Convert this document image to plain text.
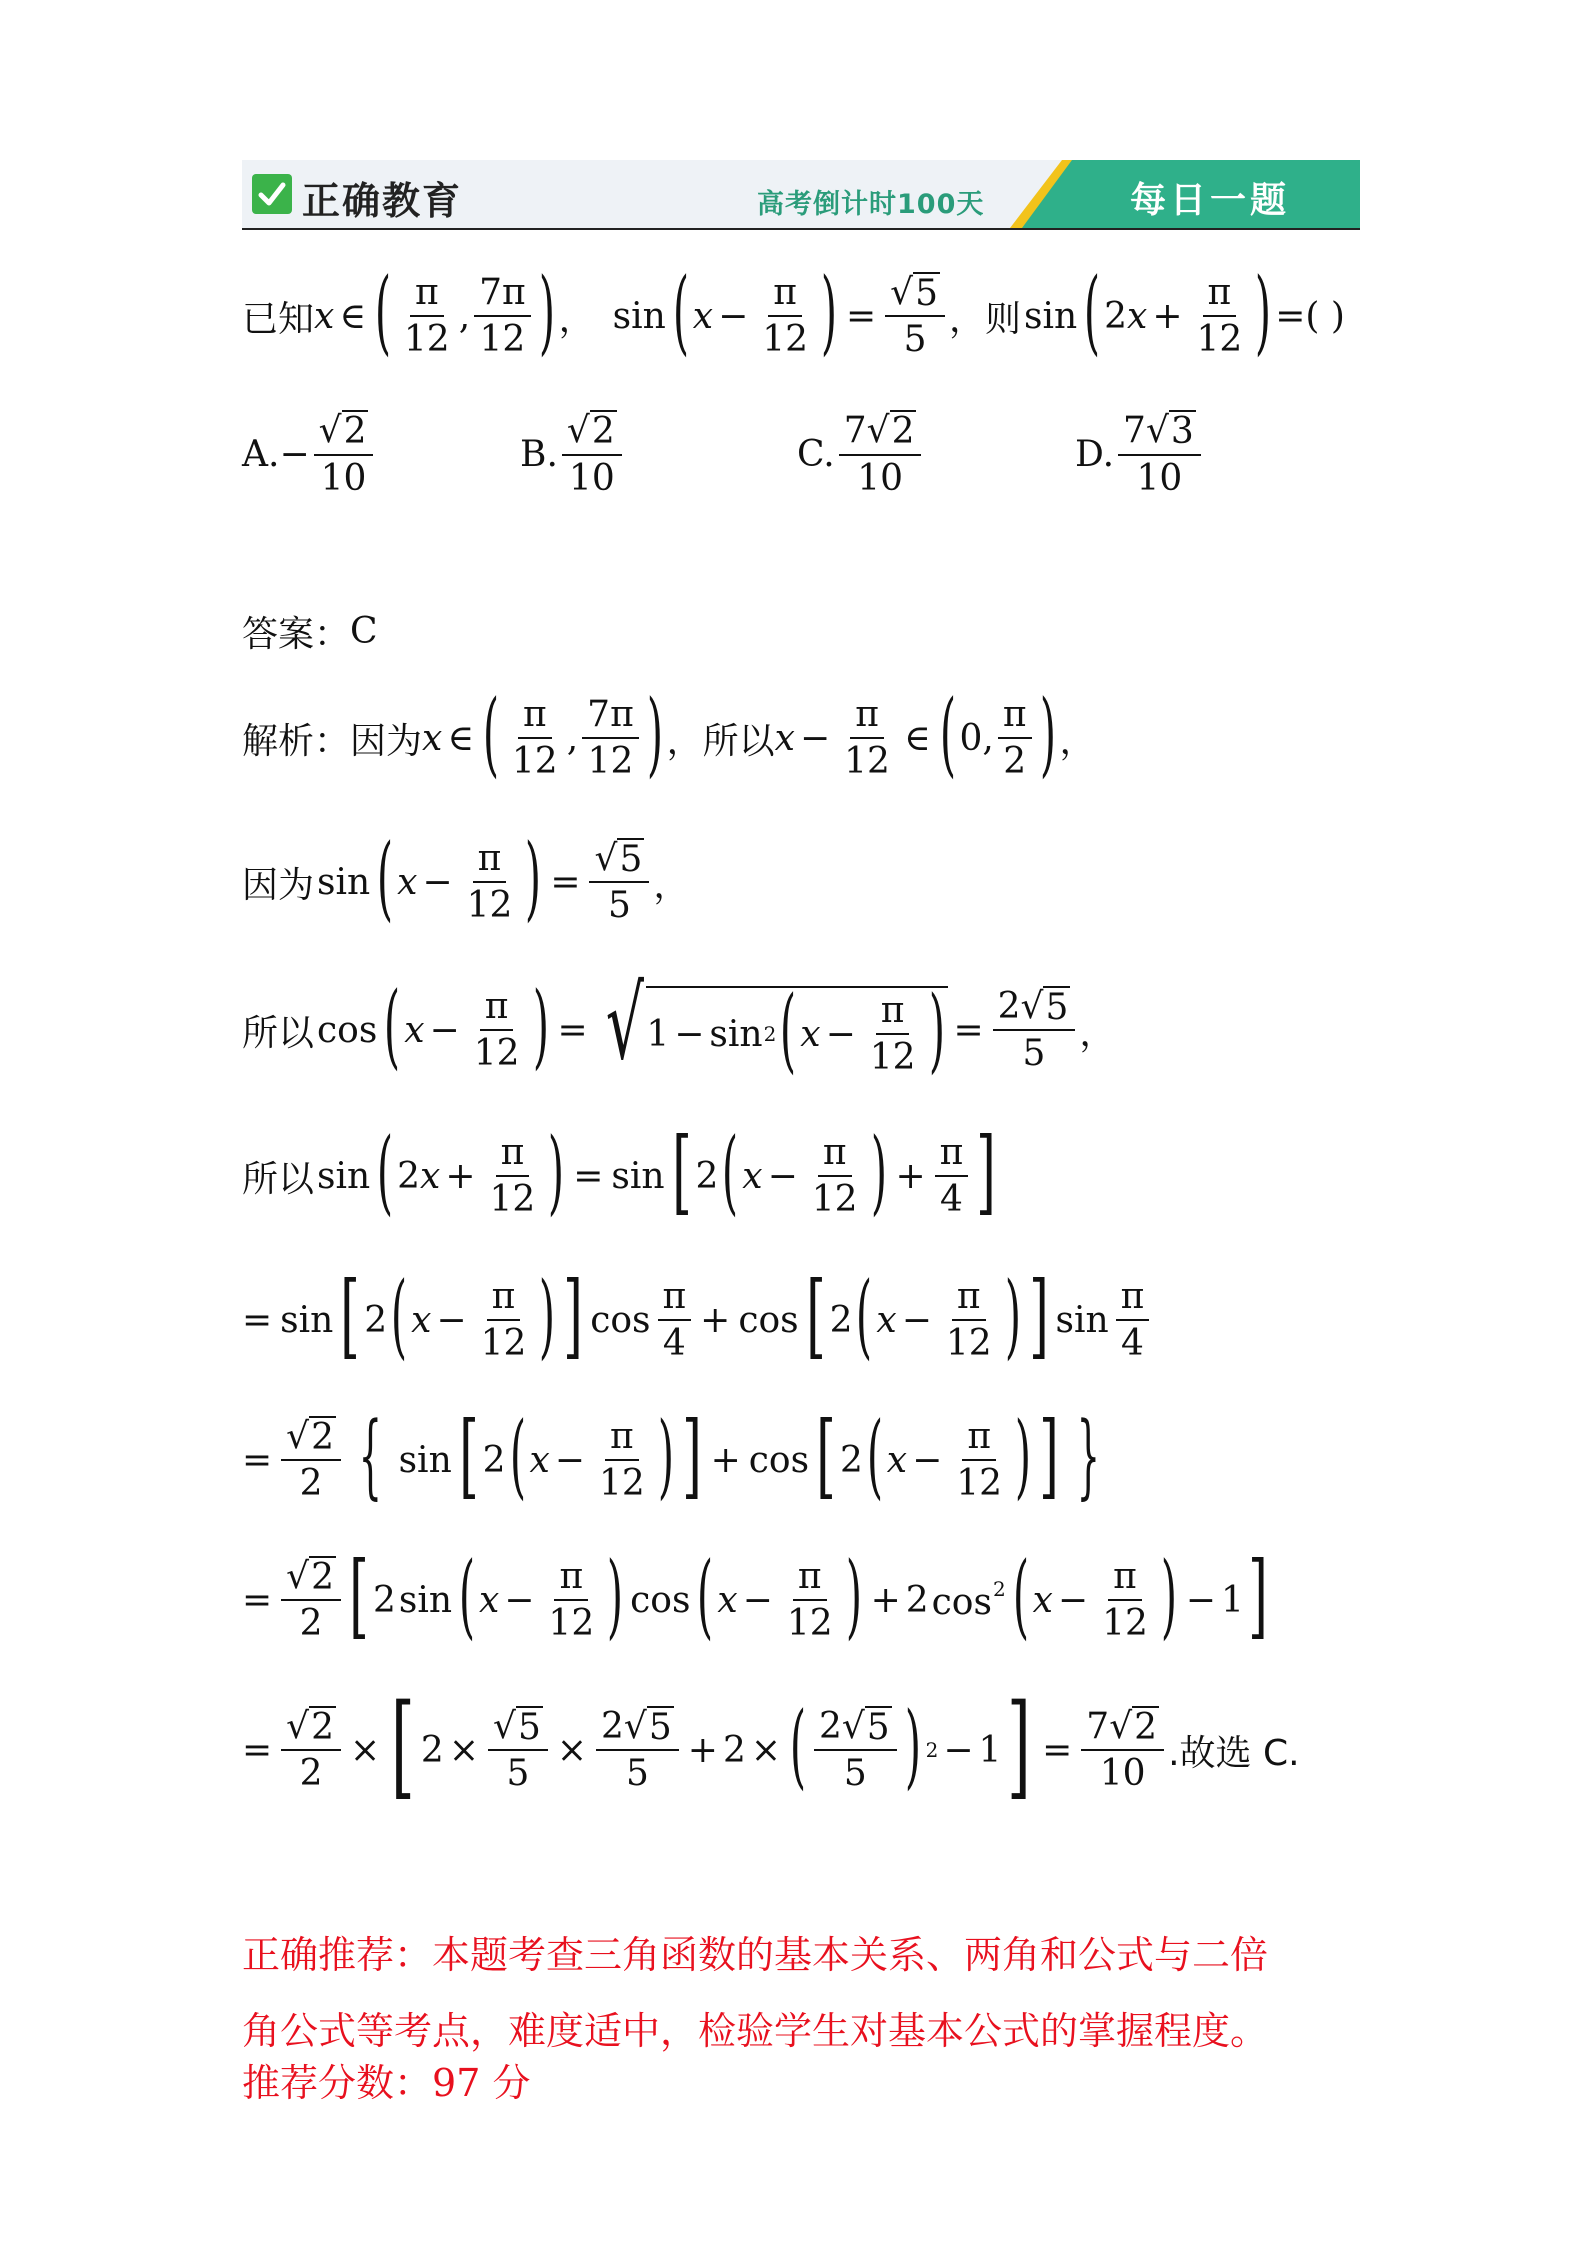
正确教育	高考倒计时100天	每日一题
已知 x ∈ ( $\frac{\pi}{12}$ , $\frac{7\pi}{12}$ ) ， sin ( $x - \frac{\pi}{12}$ ) = $\frac{√ 5}{5}$ ，则 sin ( 2 $x + \frac{\pi}{12}$ ) =( )
A. − $\frac{√ 2}{10}$	B. $\frac{√ 2}{10}$	C. $\frac{7 √ 2}{10}$	D. $\frac{7 √ 3}{10}$
答案： C
解析： 因为 x ∈ ( $\frac{\pi}{12}$ , $\frac{7\pi}{12}$ ) ，所以 $x - \frac{\pi}{12}$ ∈ ( 0, $\frac{\pi}{2}$ ) ，
因为 sin ( $x - \frac{\pi}{12}$ ) = $\frac{√ 5}{5}$ ，
所以 cos ( $x - \frac{\pi}{12}$ ) = √ 1 − sin 2 ( $x - \frac{\pi}{12}$ ) = $\frac{2 √ 5}{5}$ ，
所以 sin ( 2 $x + \frac{\pi}{12}$ ) = sin [ 2 ( $x - \frac{\pi}{12}$ ) + $\frac{\pi}{4}$ ]
= sin [ 2 ( $x - \frac{\pi}{12}$ ) ] $\cos \frac{\pi}{4} + \cos$ [ 2 ( $x - \frac{\pi}{12}$ ) ] $\sin \frac{\pi}{4}$
= $\frac{√ 2}{2}$ { sin [ 2 ( $x - \frac{\pi}{12}$ ) ] + cos [ 2 ( $x - \frac{\pi}{12}$ ) ] }
= $\frac{√ 2}{2}$ [ 2 sin ( $x - \frac{\pi}{12}$ ) cos ( $x - \frac{\pi}{12}$ ) + 2 $\cos^2$ ( $x - \frac{\pi}{12}$ ) − 1 ]
= $\frac{√ 2}{2}$ × [ $2 \times \frac{√ 5}{5} \times \frac{2 √ 5}{5} + 2$ × ( $\frac{2 √ 5}{5}$ ) 2 − 1 ] = $\frac{7 √ 2}{10}$ .故选 C.
正确推荐：本题考查三角函数的基本关系、两角和公式与二倍
角公式等考点，难度适中，检验学生对基本公式的掌握程度。
推荐分数：97 分
